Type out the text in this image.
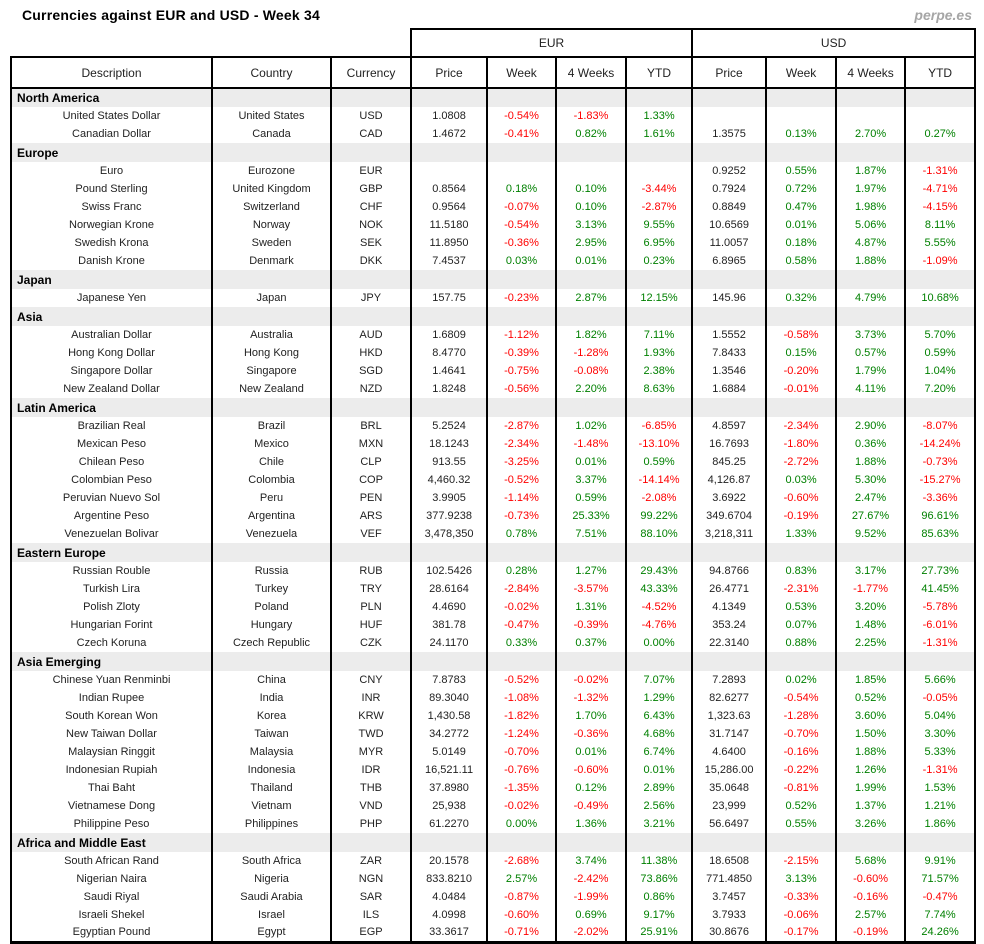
Currencies against EUR and USD - Week 34	perpe.es
			EUR				USD			
Description	Country	Currency	Price	Week	4 Weeks	YTD	Price	Week	4 Weeks	YTD
North America										
United States Dollar	United States	USD	1.0808	-0.54%	-1.83%	1.33%				
Canadian Dollar	Canada	CAD	1.4672	-0.41%	0.82%	1.61%	1.3575	0.13%	2.70%	0.27%
Europe										
Euro	Eurozone	EUR					0.9252	0.55%	1.87%	-1.31%
Pound Sterling	United Kingdom	GBP	0.8564	0.18%	0.10%	-3.44%	0.7924	0.72%	1.97%	-4.71%
Swiss Franc	Switzerland	CHF	0.9564	-0.07%	0.10%	-2.87%	0.8849	0.47%	1.98%	-4.15%
Norwegian Krone	Norway	NOK	11.5180	-0.54%	3.13%	9.55%	10.6569	0.01%	5.06%	8.11%
Swedish Krona	Sweden	SEK	11.8950	-0.36%	2.95%	6.95%	11.0057	0.18%	4.87%	5.55%
Danish Krone	Denmark	DKK	7.4537	0.03%	0.01%	0.23%	6.8965	0.58%	1.88%	-1.09%
Japan										
Japanese Yen	Japan	JPY	157.75	-0.23%	2.87%	12.15%	145.96	0.32%	4.79%	10.68%
Asia										
Australian Dollar	Australia	AUD	1.6809	-1.12%	1.82%	7.11%	1.5552	-0.58%	3.73%	5.70%
Hong Kong Dollar	Hong Kong	HKD	8.4770	-0.39%	-1.28%	1.93%	7.8433	0.15%	0.57%	0.59%
Singapore Dollar	Singapore	SGD	1.4641	-0.75%	-0.08%	2.38%	1.3546	-0.20%	1.79%	1.04%
New Zealand Dollar	New Zealand	NZD	1.8248	-0.56%	2.20%	8.63%	1.6884	-0.01%	4.11%	7.20%
Latin America										
Brazilian Real	Brazil	BRL	5.2524	-2.87%	1.02%	-6.85%	4.8597	-2.34%	2.90%	-8.07%
Mexican Peso	Mexico	MXN	18.1243	-2.34%	-1.48%	-13.10%	16.7693	-1.80%	0.36%	-14.24%
Chilean Peso	Chile	CLP	913.55	-3.25%	0.01%	0.59%	845.25	-2.72%	1.88%	-0.73%
Colombian Peso	Colombia	COP	4,460.32	-0.52%	3.37%	-14.14%	4,126.87	0.03%	5.30%	-15.27%
Peruvian Nuevo Sol	Peru	PEN	3.9905	-1.14%	0.59%	-2.08%	3.6922	-0.60%	2.47%	-3.36%
Argentine Peso	Argentina	ARS	377.9238	-0.73%	25.33%	99.22%	349.6704	-0.19%	27.67%	96.61%
Venezuelan Bolivar	Venezuela	VEF	3,478,350	0.78%	7.51%	88.10%	3,218,311	1.33%	9.52%	85.63%
Eastern Europe										
Russian Rouble	Russia	RUB	102.5426	0.28%	1.27%	29.43%	94.8766	0.83%	3.17%	27.73%
Turkish Lira	Turkey	TRY	28.6164	-2.84%	-3.57%	43.33%	26.4771	-2.31%	-1.77%	41.45%
Polish Zloty	Poland	PLN	4.4690	-0.02%	1.31%	-4.52%	4.1349	0.53%	3.20%	-5.78%
Hungarian Forint	Hungary	HUF	381.78	-0.47%	-0.39%	-4.76%	353.24	0.07%	1.48%	-6.01%
Czech Koruna	Czech Republic	CZK	24.1170	0.33%	0.37%	0.00%	22.3140	0.88%	2.25%	-1.31%
Asia Emerging										
Chinese Yuan Renminbi	China	CNY	7.8783	-0.52%	-0.02%	7.07%	7.2893	0.02%	1.85%	5.66%
Indian Rupee	India	INR	89.3040	-1.08%	-1.32%	1.29%	82.6277	-0.54%	0.52%	-0.05%
South Korean Won	Korea	KRW	1,430.58	-1.82%	1.70%	6.43%	1,323.63	-1.28%	3.60%	5.04%
New Taiwan Dollar	Taiwan	TWD	34.2772	-1.24%	-0.36%	4.68%	31.7147	-0.70%	1.50%	3.30%
Malaysian Ringgit	Malaysia	MYR	5.0149	-0.70%	0.01%	6.74%	4.6400	-0.16%	1.88%	5.33%
Indonesian Rupiah	Indonesia	IDR	16,521.11	-0.76%	-0.60%	0.01%	15,286.00	-0.22%	1.26%	-1.31%
Thai Baht	Thailand	THB	37.8980	-1.35%	0.12%	2.89%	35.0648	-0.81%	1.99%	1.53%
Vietnamese Dong	Vietnam	VND	25,938	-0.02%	-0.49%	2.56%	23,999	0.52%	1.37%	1.21%
Philippine Peso	Philippines	PHP	61.2270	0.00%	1.36%	3.21%	56.6497	0.55%	3.26%	1.86%
Africa and Middle East										
South African Rand	South Africa	ZAR	20.1578	-2.68%	3.74%	11.38%	18.6508	-2.15%	5.68%	9.91%
Nigerian Naira	Nigeria	NGN	833.8210	2.57%	-2.42%	73.86%	771.4850	3.13%	-0.60%	71.57%
Saudi Riyal	Saudi Arabia	SAR	4.0484	-0.87%	-1.99%	0.86%	3.7457	-0.33%	-0.16%	-0.47%
Israeli Shekel	Israel	ILS	4.0998	-0.60%	0.69%	9.17%	3.7933	-0.06%	2.57%	7.74%
Egyptian Pound	Egypt	EGP	33.3617	-0.71%	-2.02%	25.91%	30.8676	-0.17%	-0.19%	24.26%
